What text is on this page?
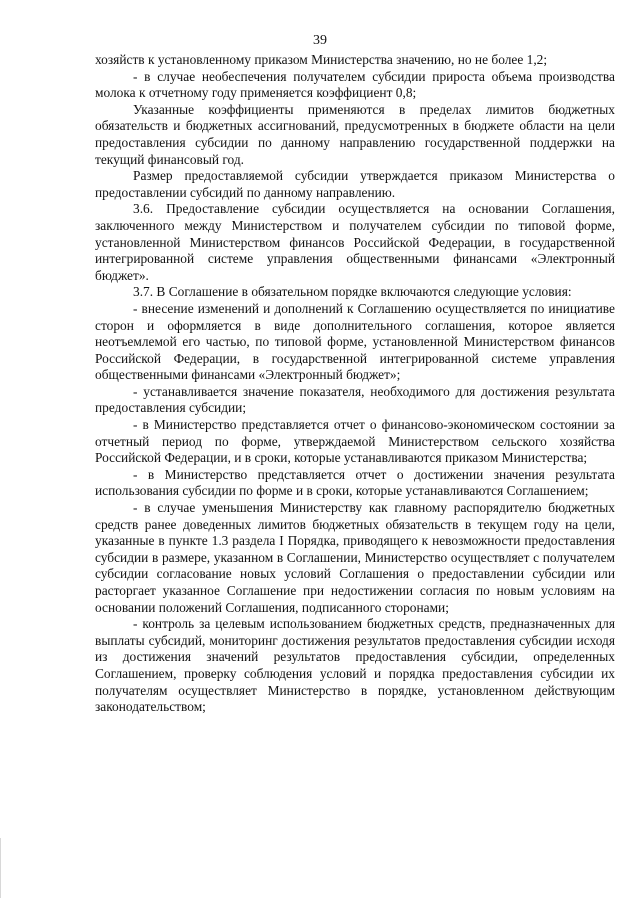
39

хозяйств к установленному приказом Министерства значению, но не более 1,2;

- в случае необеспечения получателем субсидии прироста объема производства молока к отчетному году применяется коэффициент 0,8;

Указанные коэффициенты применяются в пределах лимитов бюджетных обязательств и бюджетных ассигнований, предусмотренных в бюджете области на цели предоставления субсидии по данному направлению государственной поддержки на текущий финансовый год.

Размер предоставляемой субсидии утверждается приказом Министерства о предоставлении субсидий по данному направлению.

3.6. Предоставление субсидии осуществляется на основании Соглашения, заключенного между Министерством и получателем субсидии по типовой форме, установленной Министерством финансов Российской Федерации, в государственной интегрированной системе управления общественными финансами «Электронный бюджет».

3.7. В Соглашение в обязательном порядке включаются следующие условия:

- внесение изменений и дополнений к Соглашению осуществляется по инициативе сторон и оформляется в виде дополнительного соглашения, которое является неотъемлемой его частью, по типовой форме, установленной Министерством финансов Российской Федерации, в государственной интегрированной системе управления общественными финансами «Электронный бюджет»;

- устанавливается значение показателя, необходимого для достижения результата предоставления субсидии;

- в Министерство представляется отчет о финансово-экономическом состоянии за отчетный период по форме, утверждаемой Министерством сельского хозяйства Российской Федерации, и в сроки, которые устанавливаются приказом Министерства;

- в Министерство представляется отчет о достижении значения результата использования субсидии по форме и в сроки, которые устанавливаются Соглашением;

- в случае уменьшения Министерству как главному распорядителю бюджетных средств ранее доведенных лимитов бюджетных обязательств в текущем году на цели, указанные в пункте 1.3 раздела I Порядка, приводящего к невозможности предоставления субсидии в размере, указанном в Соглашении, Министерство осуществляет с получателем субсидии согласование новых условий Соглашения о предоставлении субсидии или расторгает указанное Соглашение при недостижении согласия по новым условиям на основании положений Соглашения, подписанного сторонами;

- контроль за целевым использованием бюджетных средств, предназначенных для выплаты субсидий, мониторинг достижения результатов предоставления субсидии исходя из достижения значений результатов предоставления субсидии, определенных Соглашением, проверку соблюдения условий и порядка предоставления субсидии их получателям осуществляет Министерство в порядке, установленном действующим законодательством;
